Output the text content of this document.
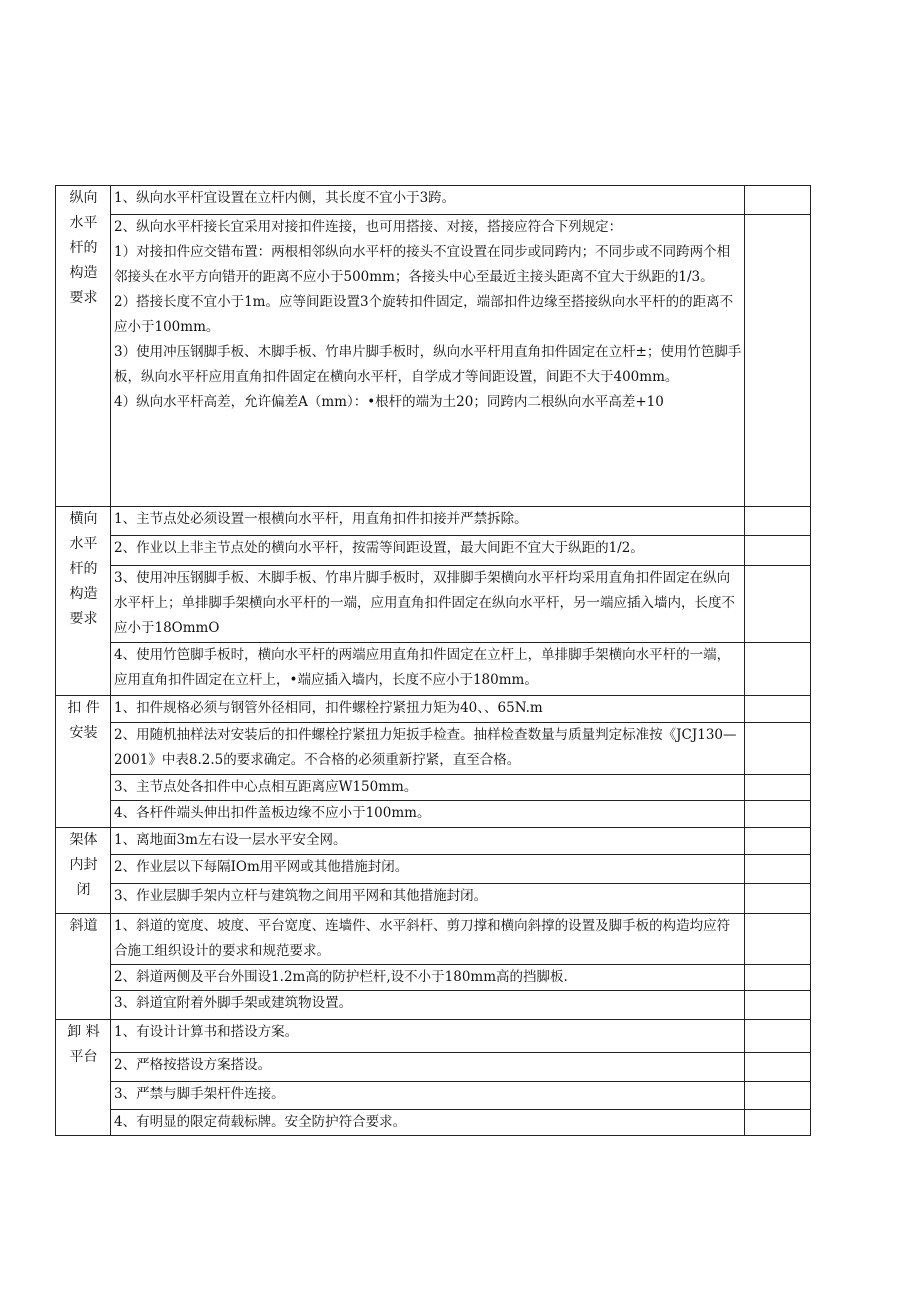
纵向水平杆的构造要求	1、纵向水平杆宜设置在立杆内侧，其长度不宜小于3跨。	

	2、纵向水平杆接长宜采用对接扣件连接，也可用搭接、对接，搭接应符合下列规定：
1）对接扣件应交错布置：两根相邻纵向水平杆的接头不宜设置在同步或同跨内；不同步或不同跨两个相邻接头在水平方向错开的距离不应小于500mm；各接头中心至最近主接头距离不宜大于纵距的1/3。
2）搭接长度不宜小于1m。应等间距设置3个旋转扣件固定，端部扣件边缘至搭接纵向水平杆的的距离不应小于100mm。
3）使用冲压钢脚手板、木脚手板、竹串片脚手板时，纵向水平杆用直角扣件固定在立杆±；使用竹笆脚手板，纵向水平杆应用直角扣件固定在横向水平杆，自学成才等间距设置，间距不大于400mm。
4）纵向水平杆高差，允许偏差A（mm）：•根杆的端为土20；同跨内二根纵向水平高差+10	

横向水平杆的构造要求	1、主节点处必须设置一根横向水平杆，用直角扣件扣接并严禁拆除。	

	2、作业以上非主节点处的横向水平杆，按需等间距设置，最大间距不宜大于纵距的1/2。	

	3、使用冲压钢脚手板、木脚手板、竹串片脚手板时，双排脚手架横向水平杆均采用直角扣件固定在纵向水平杆上；单排脚手架横向水平杆的一端，应用直角扣件固定在纵向水平杆，另一端应插入墙内，长度不应小于18OmmO	

	4、使用竹笆脚手板时，横向水平杆的两端应用直角扣件固定在立杆上，单排脚手架横向水平杆的一端，应用直角扣件固定在立杆上，•端应插入墙内，长度不应小于180mm。	

扣 件安装	1、扣件规格必须与钢管外径相同，扣件螺栓拧紧扭力矩为40、、65N.m	

	2、用随机抽样法对安装后的扣件螺栓拧紧扭力矩扳手检查。抽样检查数量与质量判定标准按《JCJ130—2001》中表8.2.5的要求确定。不合格的必须重新拧紧，直至合格。	

	3、主节点处各扣件中心点相互距离应W150mm。	

	4、各杆件端头伸出扣件盖板边缘不应小于100mm。	

架体内封闭	1、离地面3m左右设一层水平安全网。	

	2、作业层以下每隔IOm用平网或其他措施封闭。	

	3、作业层脚手架内立杆与建筑物之间用平网和其他措施封闭。	

斜道	1、斜道的宽度、坡度、平台宽度、连墙件、水平斜杆、剪刀撑和横向斜撑的设置及脚手板的构造均应符合施工组织设计的要求和规范要求。	

	2、斜道两侧及平台外围设1.2m高的防护栏杆,设不小于180mm高的挡脚板.	

	3、斜道宜附着外脚手架或建筑物设置。	

卸 料平台	1、有设计计算书和搭设方案。	

	2、严格按搭设方案搭设。	

	3、严禁与脚手架杆件连接。	

	4、有明显的限定荷载标牌。安全防护符合要求。	
